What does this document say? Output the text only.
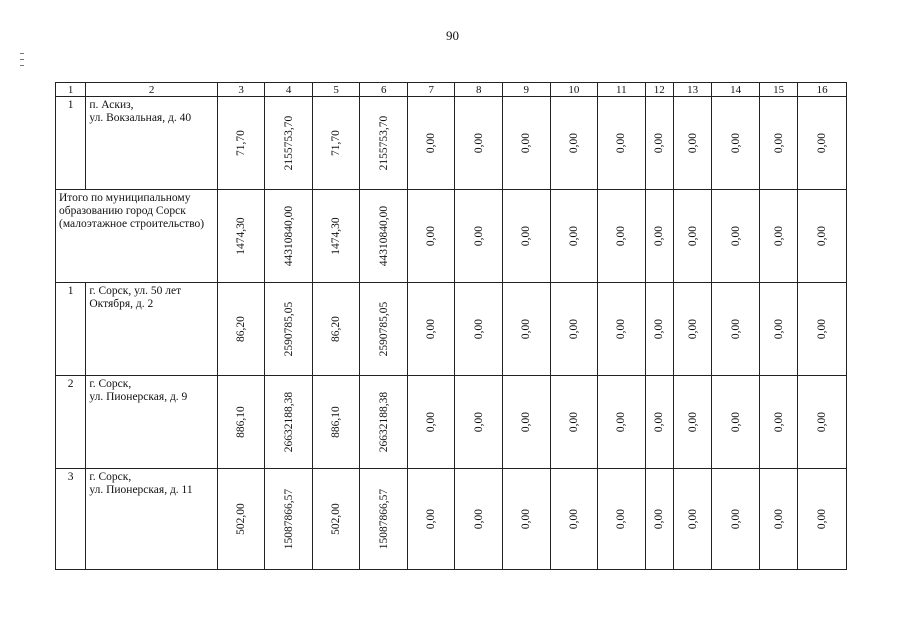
90
1	2	3	4	5	6	7	8	9	10	11	12	13	14	15	16
1	п. Аскиз,
ул. Вокзальная, д. 40	71,70	2155753,70	71,70	2155753,70	0,00	0,00	0,00	0,00	0,00	0,00	0,00	0,00	0,00	0,00

Итого по муниципальному образованию город Сорск (малоэтажное строительство)		1474,30	44310840,00	1474,30	44310840,00	0,00	0,00	0,00	0,00	0,00	0,00	0,00	0,00	0,00	0,00

1	г. Сорск, ул. 50 лет
Октября, д. 2	86,20	2590785,05	86,20	2590785,05	0,00	0,00	0,00	0,00	0,00	0,00	0,00	0,00	0,00	0,00

2	г. Сорск,
ул. Пионерская, д. 9	886,10	26632188,38	886,10	26632188,38	0,00	0,00	0,00	0,00	0,00	0,00	0,00	0,00	0,00	0,00

3	г. Сорск,
ул. Пионерская, д. 11	502,00	15087866,57	502,00	15087866,57	0,00	0,00	0,00	0,00	0,00	0,00	0,00	0,00	0,00	0,00
